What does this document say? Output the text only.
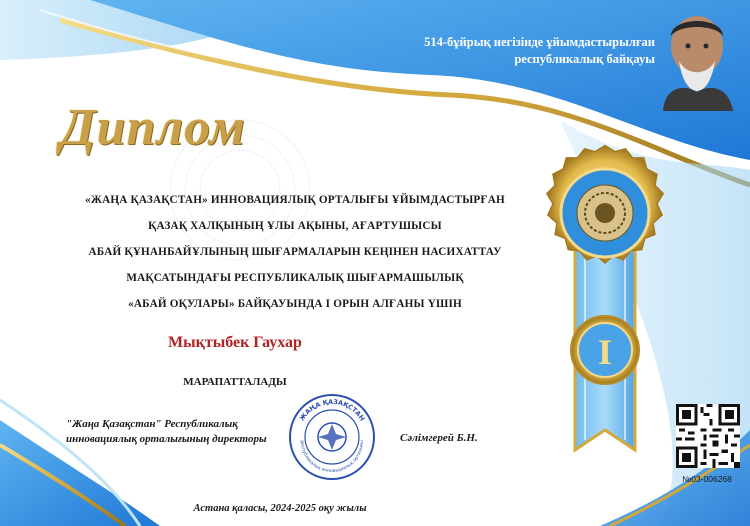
I
514-бұйрық негізінде ұйымдастырылған
республикалық байқауы
Диплом
«ЖАҢА ҚАЗАҚСТАН» ИННОВАЦИЯЛЫҚ ОРТАЛЫҒЫ ҰЙЫМДАСТЫРҒАН
ҚАЗАҚ ХАЛҚЫНЫҢ ҰЛЫ АҚЫНЫ, АҒАРТУШЫСЫ
АБАЙ ҚҰНАНБАЙҰЛЫНЫҢ ШЫҒАРМАЛАРЫН КЕҢІНЕН НАСИХАТТАУ
МАҚСАТЫНДАҒЫ РЕСПУБЛИКАЛЫҚ ШЫҒАРМАШЫЛЫҚ
«АБАЙ ОҚУЛАРЫ» БАЙҚАУЫНДА І ОРЫН АЛҒАНЫ ҮШІН
Мықтыбек Гаухар
МАРАПАТТАЛАДЫ
"Жаңа Қазақстан" Республикалық
инновациялық орталығының директоры
ЖАҢА ҚАЗАҚСТАН
республикалық инновациялық орталығы	Сәлімгерей Б.Н.
№03-006268
Астана қаласы, 2024-2025 оқу жылы
